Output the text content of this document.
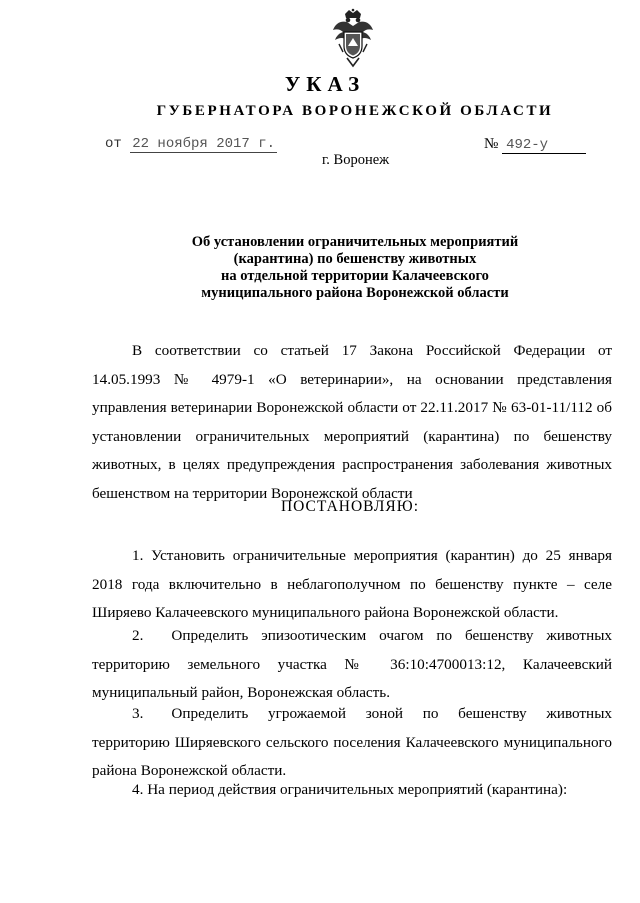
УКАЗ
ГУБЕРНАТОРА ВОРОНЕЖСКОЙ ОБЛАСТИ
от 22 ноября 2017 г.	№ 492-у
г. Воронеж
Об установлении ограничительных мероприятий
(карантина) по бешенству животных
на отдельной территории Калачеевского
муниципального района Воронежской области

В соответствии со статьей 17 Закона Российской Федерации от 14.05.1993 № 4979-1 «О ветеринарии», на основании представления управления ветеринарии Воронежской области от 22.11.2017 № 63-01-11/112 об установлении ограничительных мероприятий (карантина) по бешенству животных, в целях предупреждения распространения заболевания животных бешенством на территории Воронежской области

ПОСТАНОВЛЯЮ:

1. Установить ограничительные мероприятия (карантин) до 25 января 2018 года включительно в неблагополучном по бешенству пункте – селе Ширяево Калачеевского муниципального района Воронежской области.

2. Определить эпизоотическим очагом по бешенству животных территорию земельного участка № 36:10:4700013:12, Калачеевский муниципальный район, Воронежская область.

3. Определить угрожаемой зоной по бешенству животных территорию Ширяевского сельского поселения Калачеевского муниципального района Воронежской области.

4. На период действия ограничительных мероприятий (карантина):
